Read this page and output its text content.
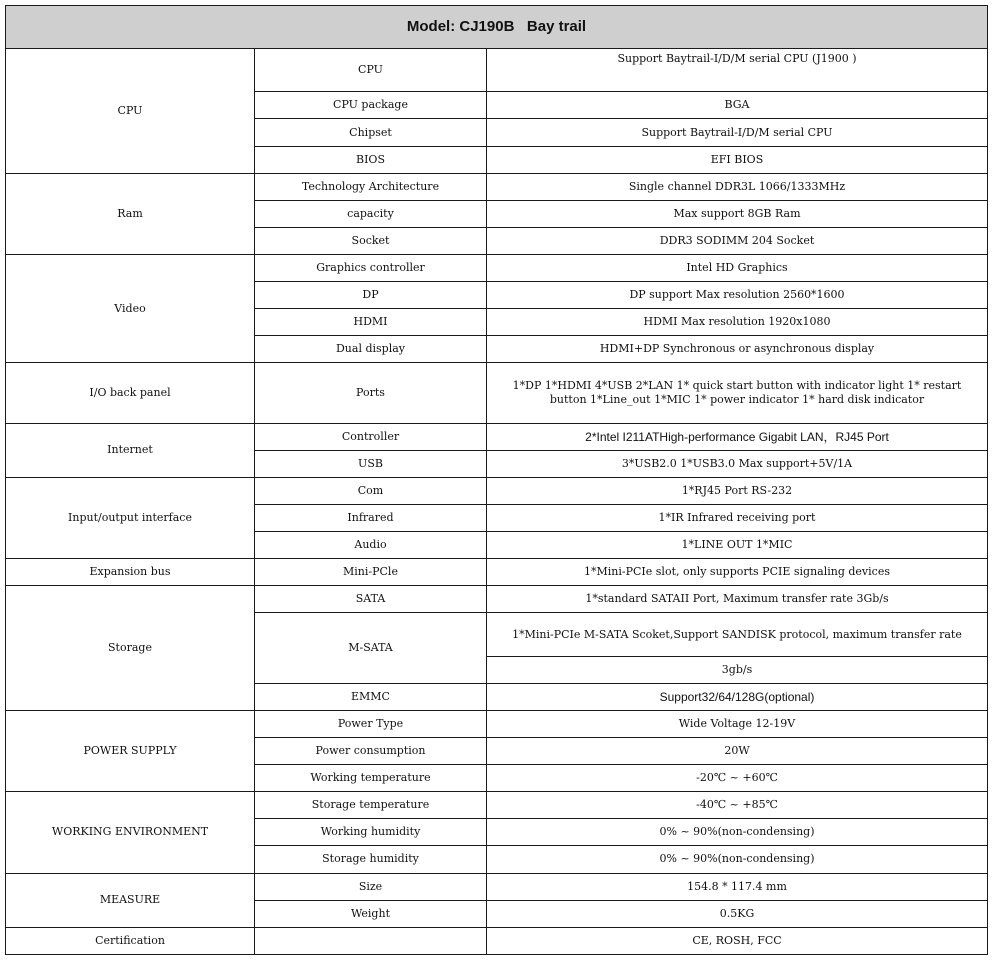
Model: CJ190B   Bay trail		
CPU	CPU	Support Baytrail-I/D/M serial CPU (J1900 )
	CPU package	BGA
	Chipset	Support Baytrail-I/D/M serial CPU
	BIOS	EFI BIOS
Ram	Technology Architecture	Single channel DDR3L 1066/1333MHz
	capacity	Max support 8GB Ram
	Socket	DDR3 SODIMM 204 Socket
Video	Graphics controller	Intel HD Graphics
	DP	DP support Max resolution 2560*1600
	HDMI	HDMI Max resolution 1920x1080
	Dual display	HDMI+DP Synchronous or asynchronous display
I/O back panel	Ports	1*DP 1*HDMI 4*USB 2*LAN 1* quick start button with indicator light 1* restart button 1*Line_out 1*MIC 1* power indicator 1* hard disk indicator
Internet	Controller	2*Intel I211ATHigh-performance Gigabit LAN，RJ45 Port
	USB	3*USB2.0 1*USB3.0 Max support+5V/1A
Input/output interface	Com	1*RJ45 Port RS-232
	Infrared	1*IR Infrared receiving port
	Audio	1*LINE OUT 1*MIC
Expansion bus	Mini-PCle	1*Mini-PCIe slot, only supports PCIE signaling devices
Storage	SATA	1*standard SATAII Port, Maximum transfer rate 3Gb/s
	M-SATA	1*Mini-PCIe M-SATA Scoket,Support SANDISK protocol, maximum transfer rate
		3gb/s
	EMMC	Support32/64/128G(optional)
POWER SUPPLY	Power Type	Wide Voltage 12-19V
	Power consumption	20W
	Working temperature	-20℃ ~ +60℃
WORKING ENVIRONMENT	Storage temperature	-40℃ ~ +85℃
	Working humidity	0% ~ 90%(non-condensing)
	Storage humidity	0% ~ 90%(non-condensing)
MEASURE	Size	154.8 * 117.4 mm
	Weight	0.5KG
Certification		CE, ROSH, FCC
